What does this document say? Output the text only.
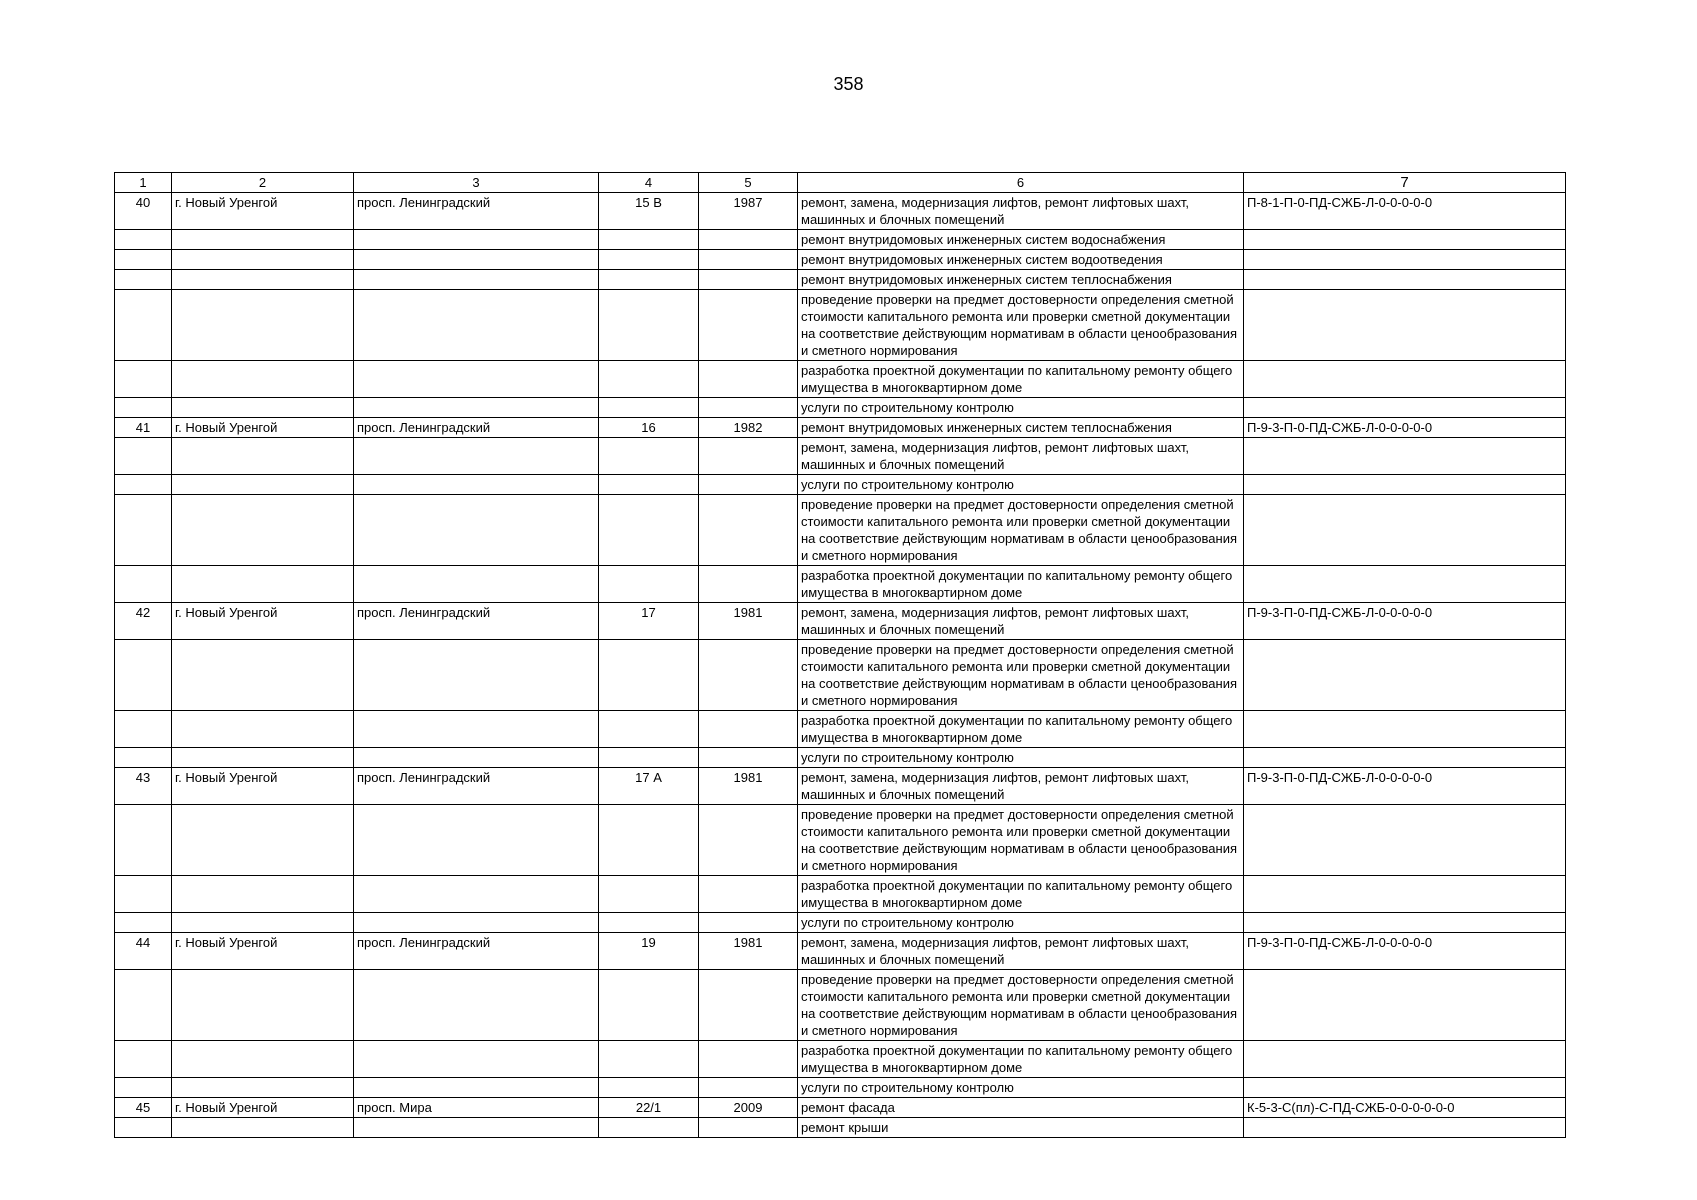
358
1	2	3	4	5	6	7
40	г. Новый Уренгой	просп. Ленинградский	15 В	1987	ремонт, замена, модернизация лифтов, ремонт лифтовых шахт, машинных и блочных помещений	П-8-1-П-0-ПД-СЖБ-Л-0-0-0-0-0
					ремонт внутридомовых инженерных систем водоснабжения	
					ремонт внутридомовых инженерных систем водоотведения	
					ремонт внутридомовых инженерных систем теплоснабжения	
					проведение проверки на предмет достоверности определения сметной стоимости капитального ремонта или проверки сметной документации на соответствие действующим нормативам в области ценообразования и сметного нормирования	
					разработка проектной документации по капитальному ремонту общего имущества в многоквартирном доме	
					услуги по строительному контролю	
41	г. Новый Уренгой	просп. Ленинградский	16	1982	ремонт внутридомовых инженерных систем теплоснабжения	П-9-3-П-0-ПД-СЖБ-Л-0-0-0-0-0
					ремонт, замена, модернизация лифтов, ремонт лифтовых шахт, машинных и блочных помещений	
					услуги по строительному контролю	
					проведение проверки на предмет достоверности определения сметной стоимости капитального ремонта или проверки сметной документации на соответствие действующим нормативам в области ценообразования и сметного нормирования	
					разработка проектной документации по капитальному ремонту общего имущества в многоквартирном доме	
42	г. Новый Уренгой	просп. Ленинградский	17	1981	ремонт, замена, модернизация лифтов, ремонт лифтовых шахт, машинных и блочных помещений	П-9-3-П-0-ПД-СЖБ-Л-0-0-0-0-0
					проведение проверки на предмет достоверности определения сметной стоимости капитального ремонта или проверки сметной документации на соответствие действующим нормативам в области ценообразования и сметного нормирования	
					разработка проектной документации по капитальному ремонту общего имущества в многоквартирном доме	
					услуги по строительному контролю	
43	г. Новый Уренгой	просп. Ленинградский	17 А	1981	ремонт, замена, модернизация лифтов, ремонт лифтовых шахт, машинных и блочных помещений	П-9-3-П-0-ПД-СЖБ-Л-0-0-0-0-0
					проведение проверки на предмет достоверности определения сметной стоимости капитального ремонта или проверки сметной документации на соответствие действующим нормативам в области ценообразования и сметного нормирования	
					разработка проектной документации по капитальному ремонту общего имущества в многоквартирном доме	
					услуги по строительному контролю	
44	г. Новый Уренгой	просп. Ленинградский	19	1981	ремонт, замена, модернизация лифтов, ремонт лифтовых шахт, машинных и блочных помещений	П-9-3-П-0-ПД-СЖБ-Л-0-0-0-0-0
					проведение проверки на предмет достоверности определения сметной стоимости капитального ремонта или проверки сметной документации на соответствие действующим нормативам в области ценообразования и сметного нормирования	
					разработка проектной документации по капитальному ремонту общего имущества в многоквартирном доме	
					услуги по строительному контролю	
45	г. Новый Уренгой	просп. Мира	22/1	2009	ремонт фасада	К-5-3-С(пл)-С-ПД-СЖБ-0-0-0-0-0-0
					ремонт крыши	
